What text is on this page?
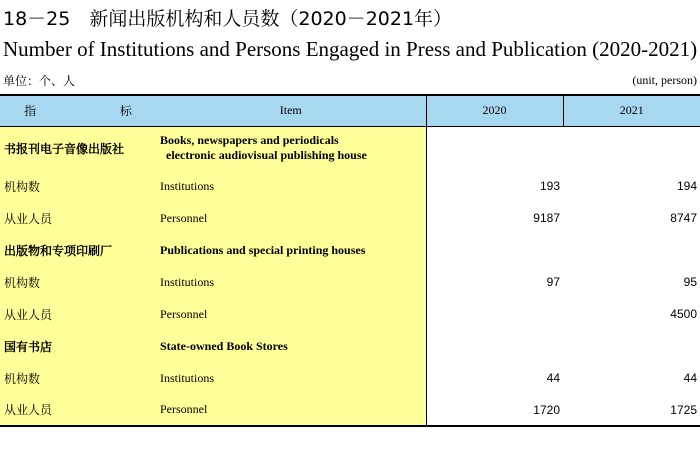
18－25　新闻出版机构和人员数（2020－2021年）
Number of Institutions and Persons Engaged in Press and Publication (2020-2021)
单位：个、人	(unit, person)
指 标	Item	2020	2021
书报刊电子音像出版社	Books, newspapers and periodicals
electronic audiovisual publishing house		

机构数	Institutions	193	194
从业人员	Personnel	9187	8747
出版物和专项印刷厂	Publications and special printing houses		
机构数	Institutions	97	95
从业人员	Personnel		4500
国有书店	State-owned Book Stores		
机构数	Institutions	44	44
从业人员	Personnel	1720	1725
